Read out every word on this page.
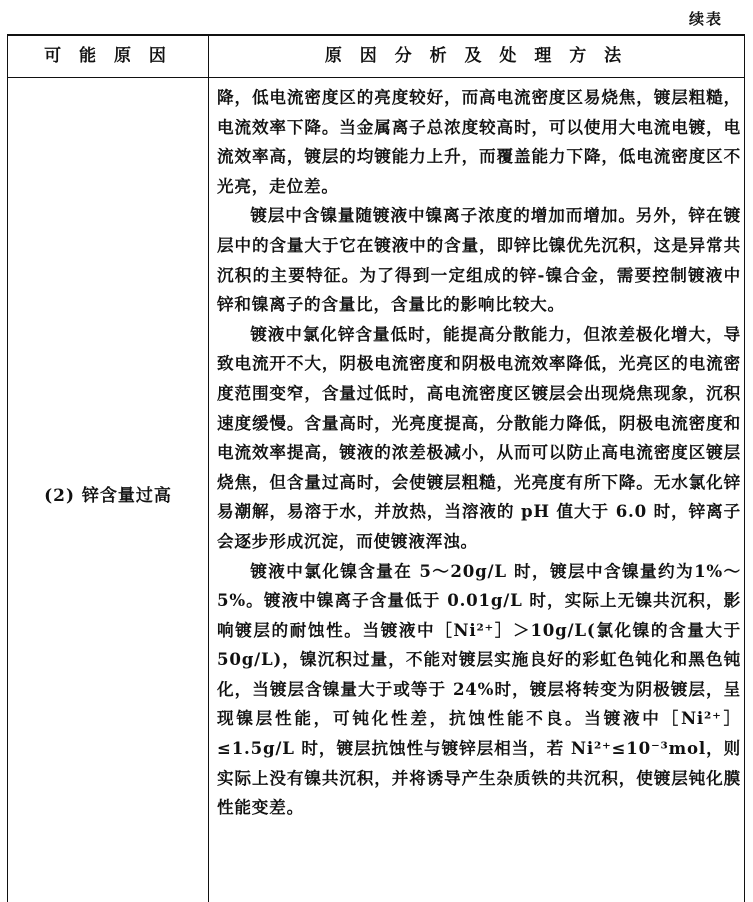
续表
可 能 原 因	原 因 分 析 及 处 理 方 法
(2) 锌含量过高

降，低电流密度区的亮度较好，而高电流密度区易烧焦，镀层粗糙，电流效率下降。当金属离子总浓度较高时，可以使用大电流电镀，电流效率高，镀层的均镀能力上升，而覆盖能力下降，低电流密度区不光亮，走位差。

镀层中含镍量随镀液中镍离子浓度的增加而增加。另外，锌在镀层中的含量大于它在镀液中的含量，即锌比镍优先沉积，这是异常共沉积的主要特征。为了得到一定组成的锌-镍合金，需要控制镀液中锌和镍离子的含量比，含量比的影响比较大。

镀液中氯化锌含量低时，能提高分散能力，但浓差极化增大，导致电流开不大，阴极电流密度和阴极电流效率降低，光亮区的电流密度范围变窄，含量过低时，高电流密度区镀层会出现烧焦现象，沉积速度缓慢。含量高时，光亮度提高，分散能力降低，阴极电流密度和电流效率提高，镀液的浓差极减小，从而可以防止高电流密度区镀层烧焦，但含量过高时，会使镀层粗糙，光亮度有所下降。无水氯化锌易潮解，易溶于水，并放热，当溶液的 pH 值大于 6.0 时，锌离子会逐步形成沉淀，而使镀液浑浊。

镀液中氯化镍含量在 5～20g/L 时，镀层中含镍量约为1%～5%。镀液中镍离子含量低于 0.01g/L 时，实际上无镍共沉积，影响镀层的耐蚀性。当镀液中［Ni²⁺］＞10g/L(氯化镍的含量大于 50g/L)，镍沉积过量，不能对镀层实施良好的彩虹色钝化和黑色钝化，当镀层含镍量大于或等于 24%时，镀层将转变为阴极镀层，呈现镍层性能，可钝化性差，抗蚀性能不良。当镀液中［Ni²⁺］≤1.5g/L 时，镀层抗蚀性与镀锌层相当，若 Ni²⁺≤10⁻³mol，则实际上没有镍共沉积，并将诱导产生杂质铁的共沉积，使镀层钝化膜性能变差。
